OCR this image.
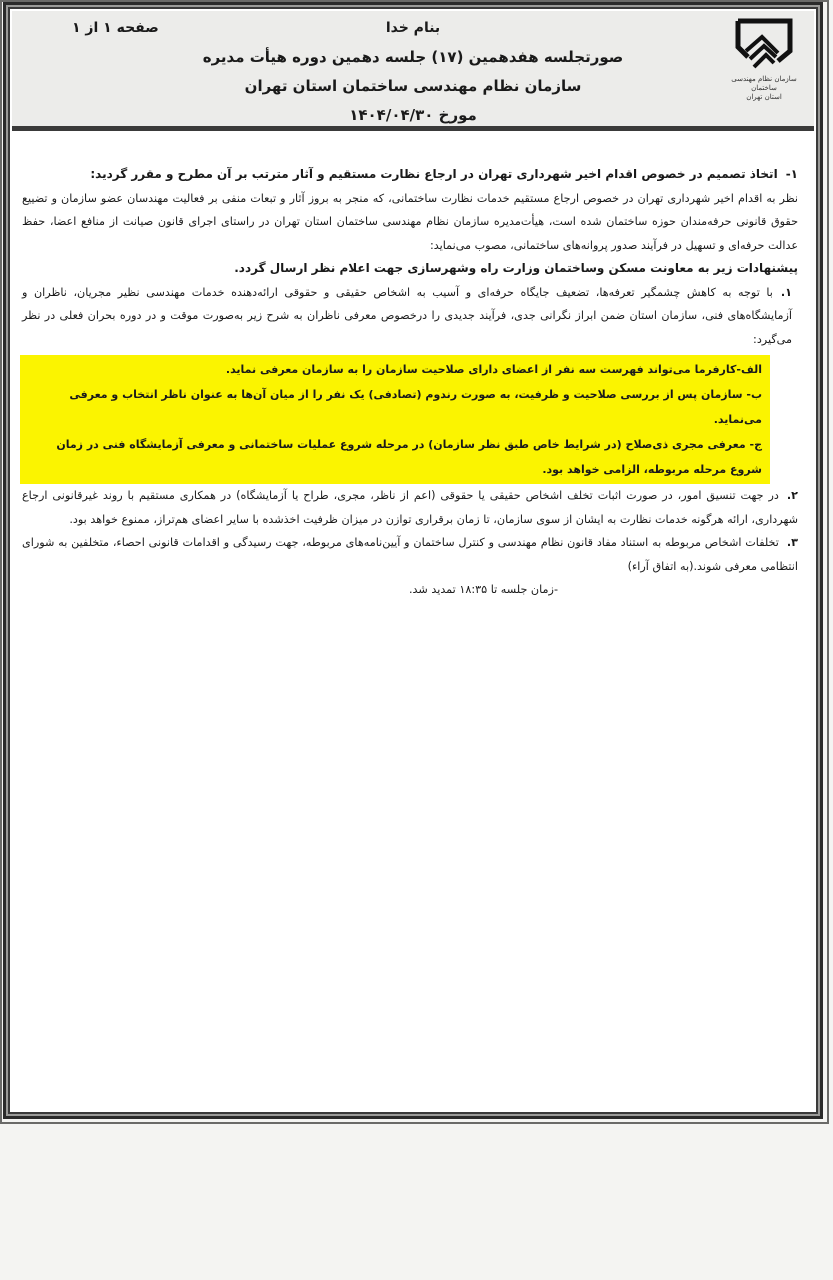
سازمان نظام مهندسی ساختمان
استان تهران
بنام خدا
صورتجلسه هفدهمین (۱۷) جلسه دهمین دوره هیأت مدیره
سازمان نظام مهندسی ساختمان استان تهران
مورخ ۱۴۰۴/۰۴/۳۰
صفحه ۱ از ۱

۱-اتخاذ تصمیم در خصوص اقدام اخیر شهرداری تهران در ارجاع نظارت مستقیم و آثار مترتب بر آن مطرح و مقرر گردید:

نظر به اقدام اخیر شهرداری تهران در خصوص ارجاع مستقیم خدمات نظارت ساختمانی، که منجر به بروز آثار و تبعات منفی بر فعالیت مهندسان عضو سازمان و تضییع حقوق قانونی حرفه‌مندان حوزه ساختمان شده است، هیأت‌مدیره سازمان نظام مهندسی ساختمان استان تهران در راستای اجرای قانون صیانت از منافع اعضا، حفظ عدالت حرفه‌ای و تسهیل در فرآیند صدور پروانه‌های ساختمانی، مصوب می‌نماید:

پیشنهادات زیر به معاونت مسکن وساختمان وزارت راه وشهرسازی جهت اعلام نظر ارسال گردد.

۱.با توجه به کاهش چشمگیر تعرفه‌ها، تضعیف جایگاه حرفه‌ای و آسیب به اشخاص حقیقی و حقوقی ارائه‌دهنده خدمات مهندسی نظیر مجریان، ناظران و آزمایشگاه‌های فنی، سازمان استان ضمن ابراز نگرانی جدی، فرآیند جدیدی را درخصوص معرفی ناظران به شرح زیر به‌صورت موقت و در دوره بحران فعلی در نظر می‌گیرد:

الف-کارفرما می‌تواند فهرست سه نفر از اعضای دارای صلاحیت سازمان را به سازمان معرفی نماید.
ب- سازمان پس از بررسی صلاحیت و ظرفیت، به صورت رندوم (تصادفی) یک نفر را از میان آن‌ها به عنوان ناظر انتخاب و معرفی می‌نماید.
ج- معرفی مجری ذی‌صلاح (در شرایط خاص طبق نظر سازمان) در مرحله شروع عملیات ساختمانی و معرفی آزمایشگاه فنی در زمان شروع مرحله مربوطه، الزامی خواهد بود.

۲.در جهت تنسیق امور، در صورت اثبات تخلف اشخاص حقیقی یا حقوقی (اعم از ناظر، مجری، طراح یا آزمایشگاه) در همکاری مستقیم با روند غیرقانونی ارجاع شهرداری، ارائه هرگونه خدمات نظارت به ایشان از سوی سازمان، تا زمان برقراری توازن در میزان ظرفیت اخذشده با سایر اعضای هم‌تراز، ممنوع خواهد بود.

۳.تخلفات اشخاص مربوطه به استناد مفاد قانون نظام مهندسی و کنترل ساختمان و آیین‌نامه‌های مربوطه، جهت رسیدگی و اقدامات قانونی احصاء، متخلفین به شورای انتظامی معرفی شوند.(به اتفاق آراء)

-زمان جلسه تا ۱۸:۳۵ تمدید شد.
